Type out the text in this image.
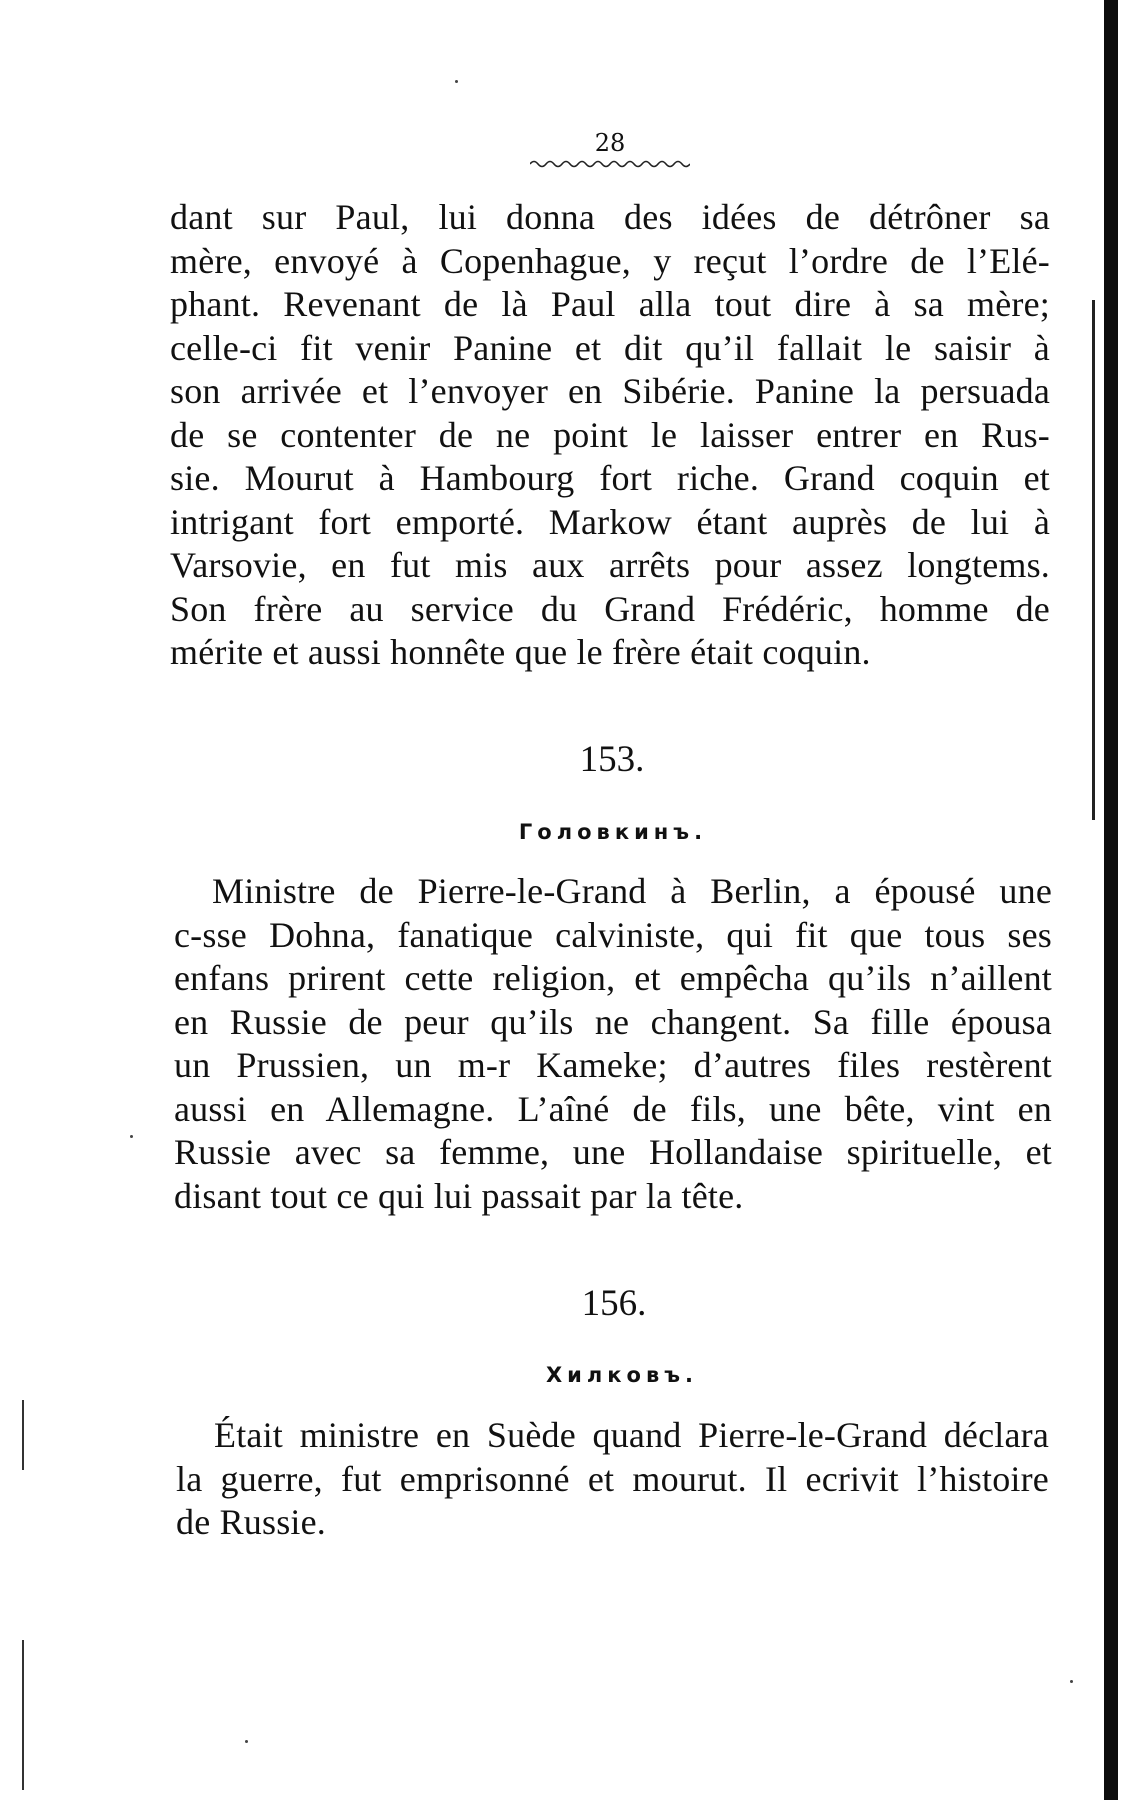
28
dant sur Paul, lui donna des idées de détrôner sa
mère, envoyé à Copenhague, y reçut l’ordre de l’Elé-
phant. Revenant de là Paul alla tout dire à sa mère;
celle-ci fit venir Panine et dit qu’il fallait le saisir à
son arrivée et l’envoyer en Sibérie. Panine la persuada
de se contenter de ne point le laisser entrer en Rus-
sie. Mourut à Hambourg fort riche. Grand coquin et
intrigant fort emporté. Markow étant auprès de lui à
Varsovie, en fut mis aux arrêts pour assez longtems.
Son frère au service du Grand Frédéric, homme de
mérite et aussi honnête que le frère était coquin.
153.
Головкинъ.
Ministre de Pierre-le-Grand à Berlin, a épousé une
c-sse Dohna, fanatique calviniste, qui fit que tous ses
enfans prirent cette religion, et empêcha qu’ils n’aillent
en Russie de peur qu’ils ne changent. Sa fille épousa
un Prussien, un m-r Kameke; d’autres files restèrent
aussi en Allemagne. L’aîné de fils, une bête, vint en
Russie avec sa femme, une Hollandaise spirituelle, et
disant tout ce qui lui passait par la tête.
156.
Хилковъ.
Était ministre en Suède quand Pierre-le-Grand déclara
la guerre, fut emprisonné et mourut. Il ecrivit l’histoire
de Russie.
